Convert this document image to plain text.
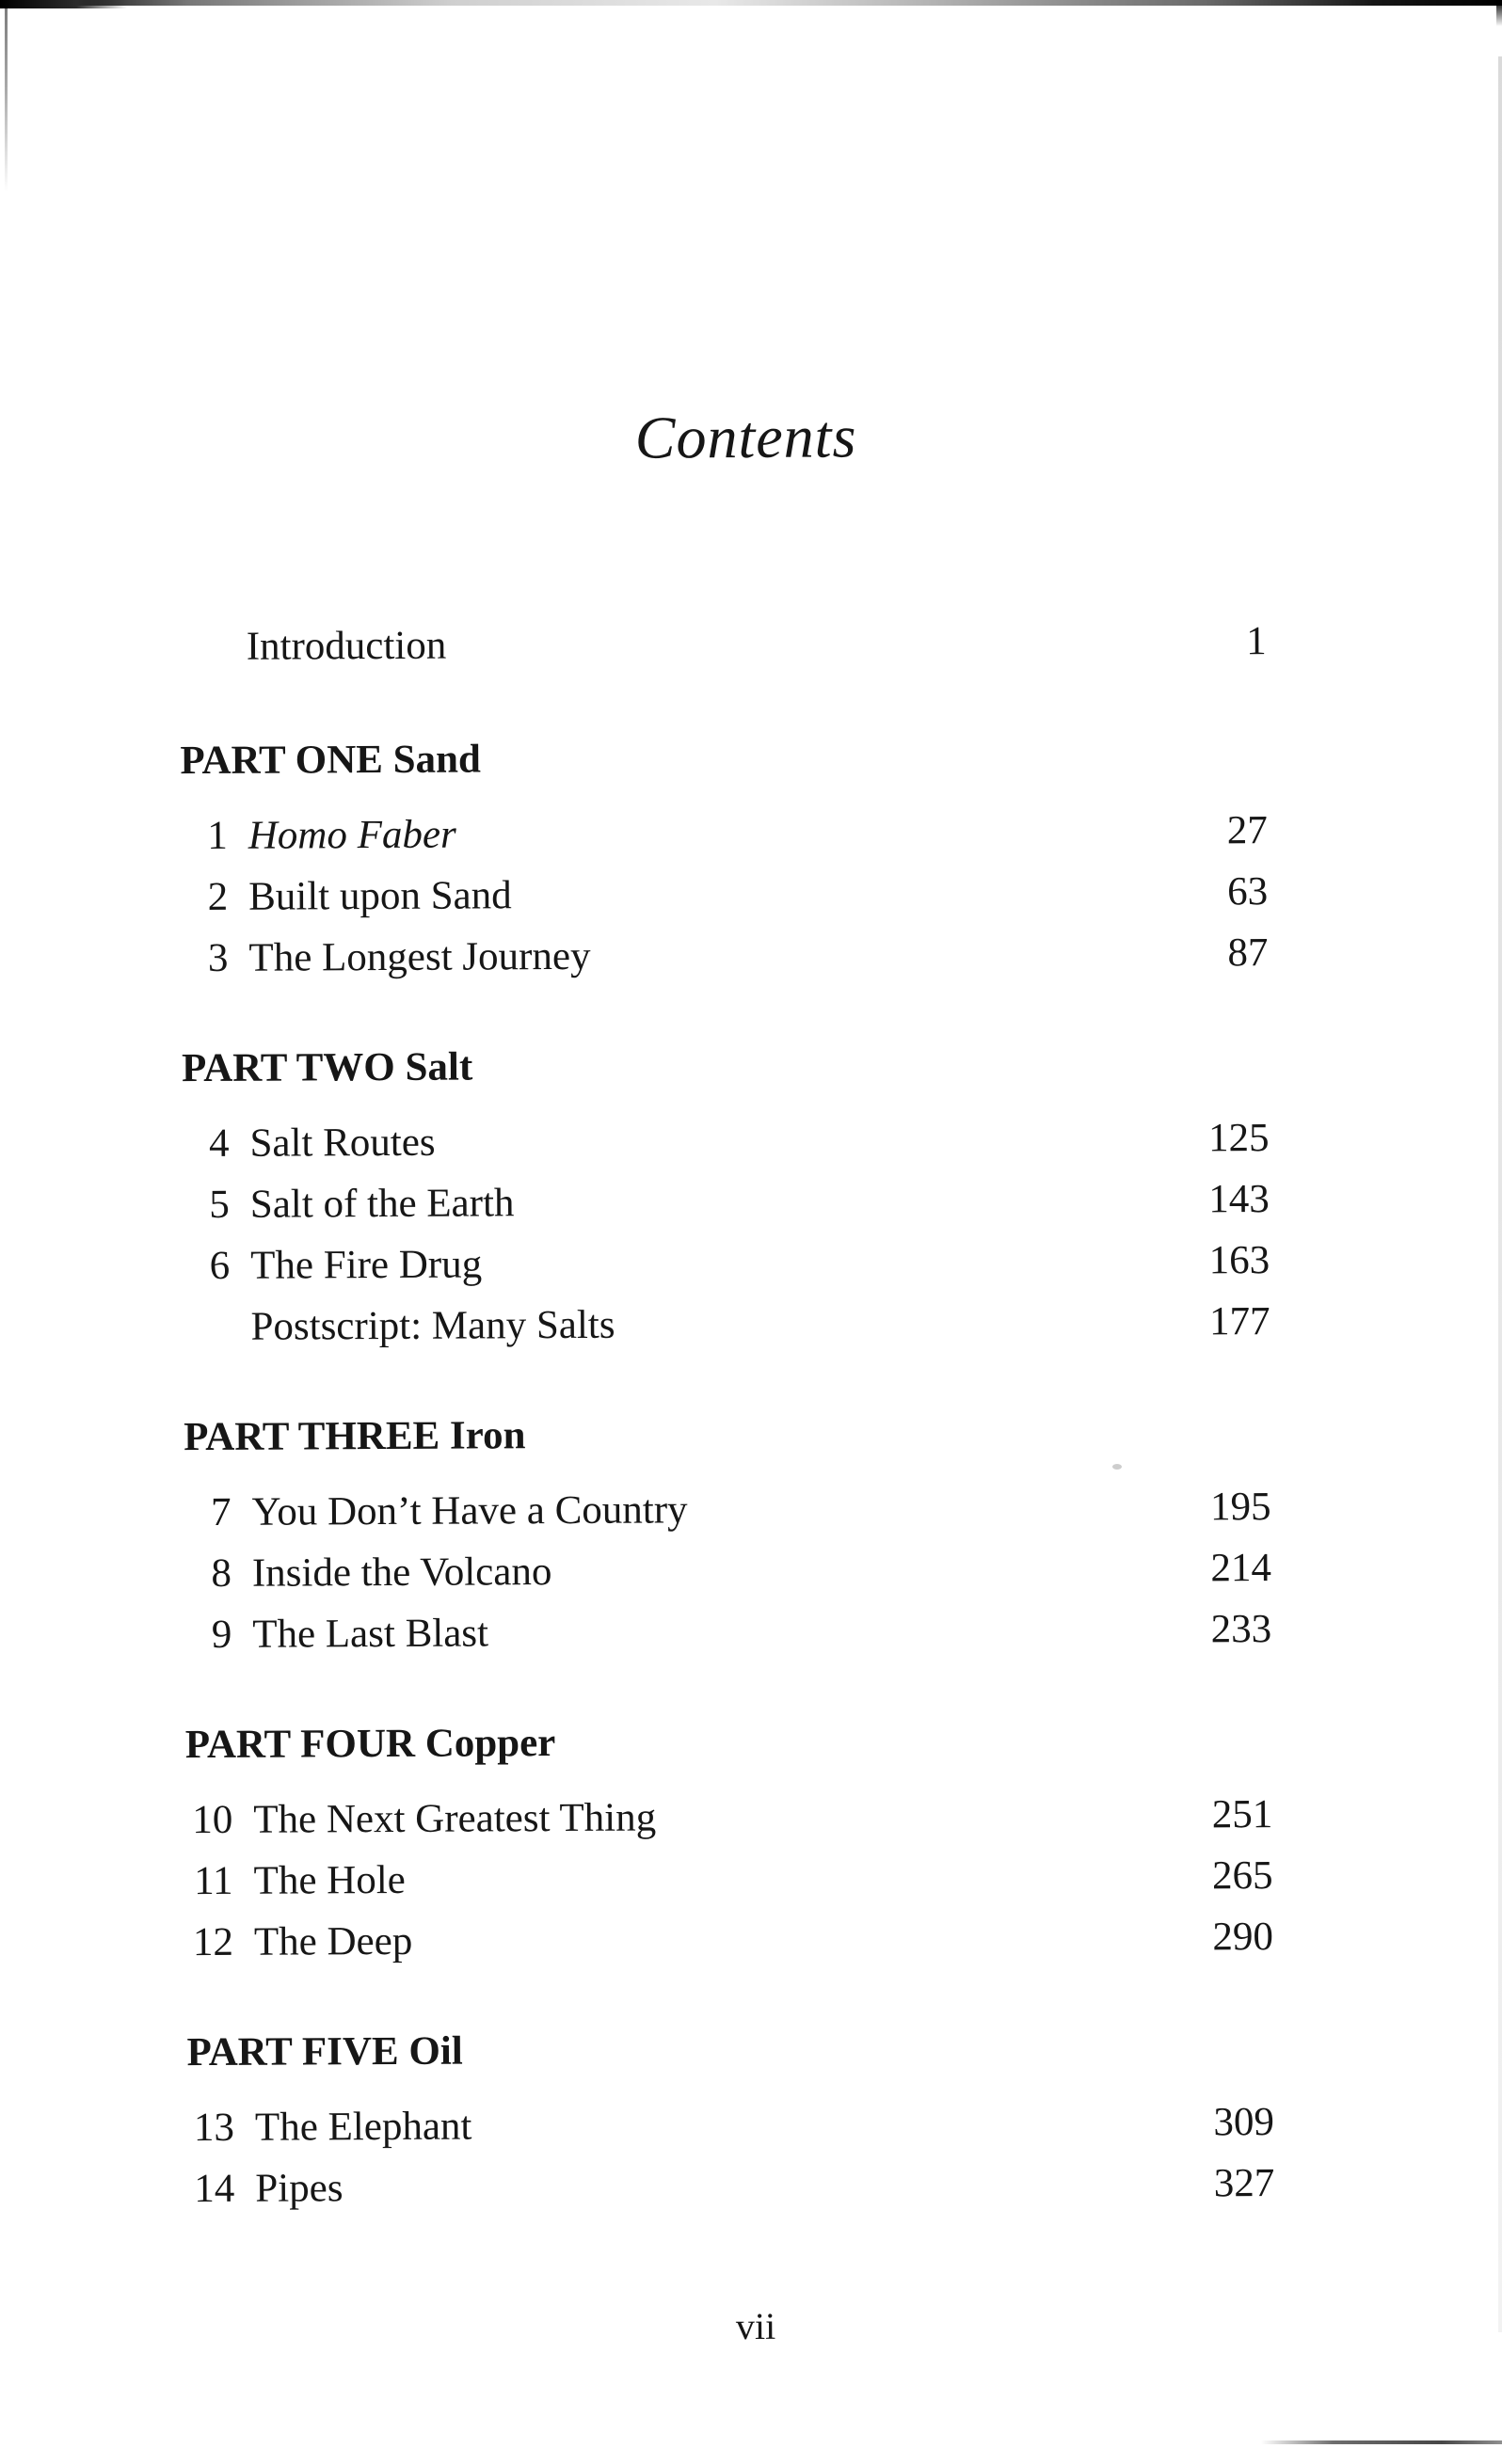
Contents
Introduction	1
PART ONE Sand
1 Homo Faber	27
2 Built upon Sand	63
3 The Longest Journey	87
PART TWO Salt
4 Salt Routes	125
5 Salt of the Earth	143
6 The Fire Drug	163
Postscript: Many Salts	177
PART THREE Iron
7 You Don’t Have a Country	195
8 Inside the Volcano	214
9 The Last Blast	233
PART FOUR Copper
10 The Next Greatest Thing	251
11 The Hole	265
12 The Deep	290
PART FIVE Oil
13 The Elephant	309
14 Pipes	327
vii
